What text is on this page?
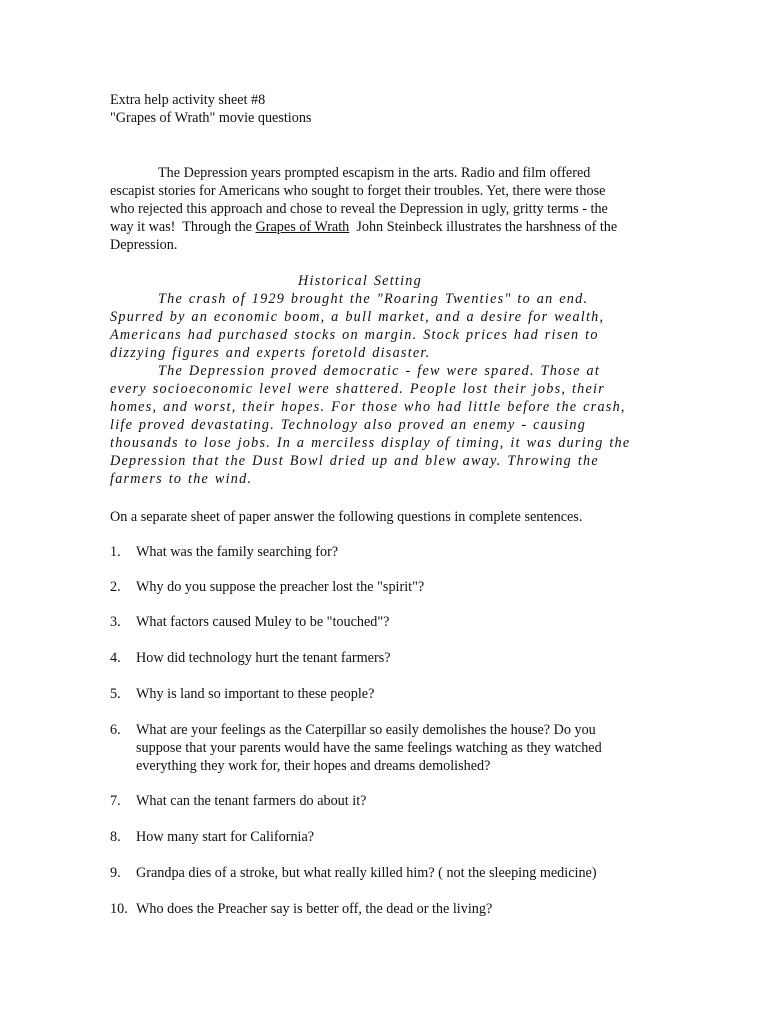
Extra help activity sheet #8
"Grapes of Wrath" movie questions
The Depression years prompted escapism in the arts. Radio and film offered
escapist stories for Americans who sought to forget their troubles. Yet, there were those
who rejected this approach and chose to reveal the Depression in ugly, gritty terms - the
way it was!  Through the Grapes of Wrath  John Steinbeck illustrates the harshness of the
Depression.
Historical Setting
The crash of 1929 brought the "Roaring Twenties" to an end.
Spurred by an economic boom, a bull market, and a desire for wealth,
Americans had purchased stocks on margin. Stock prices had risen to
dizzying figures and experts foretold disaster.
The Depression proved democratic - few were spared. Those at
every socioeconomic level were shattered. People lost their jobs, their
homes, and worst, their hopes. For those who had little before the crash,
life proved devastating. Technology also proved an enemy - causing
thousands to lose jobs. In a merciless display of timing, it was during the
Depression that the Dust Bowl dried up and blew away. Throwing the
farmers to the wind.
On a separate sheet of paper answer the following questions in complete sentences.
1. What was the family searching for?
2. Why do you suppose the preacher lost the "spirit"?
3. What factors caused Muley to be "touched"?
4. How did technology hurt the tenant farmers?
5. Why is land so important to these people?
6. What are your feelings as the Caterpillar so easily demolishes the house? Do you
suppose that your parents would have the same feelings watching as they watched
everything they work for, their hopes and dreams demolished?
7. What can the tenant farmers do about it?
8. How many start for California?
9. Grandpa dies of a stroke, but what really killed him? ( not the sleeping medicine)
10. Who does the Preacher say is better off, the dead or the living?
